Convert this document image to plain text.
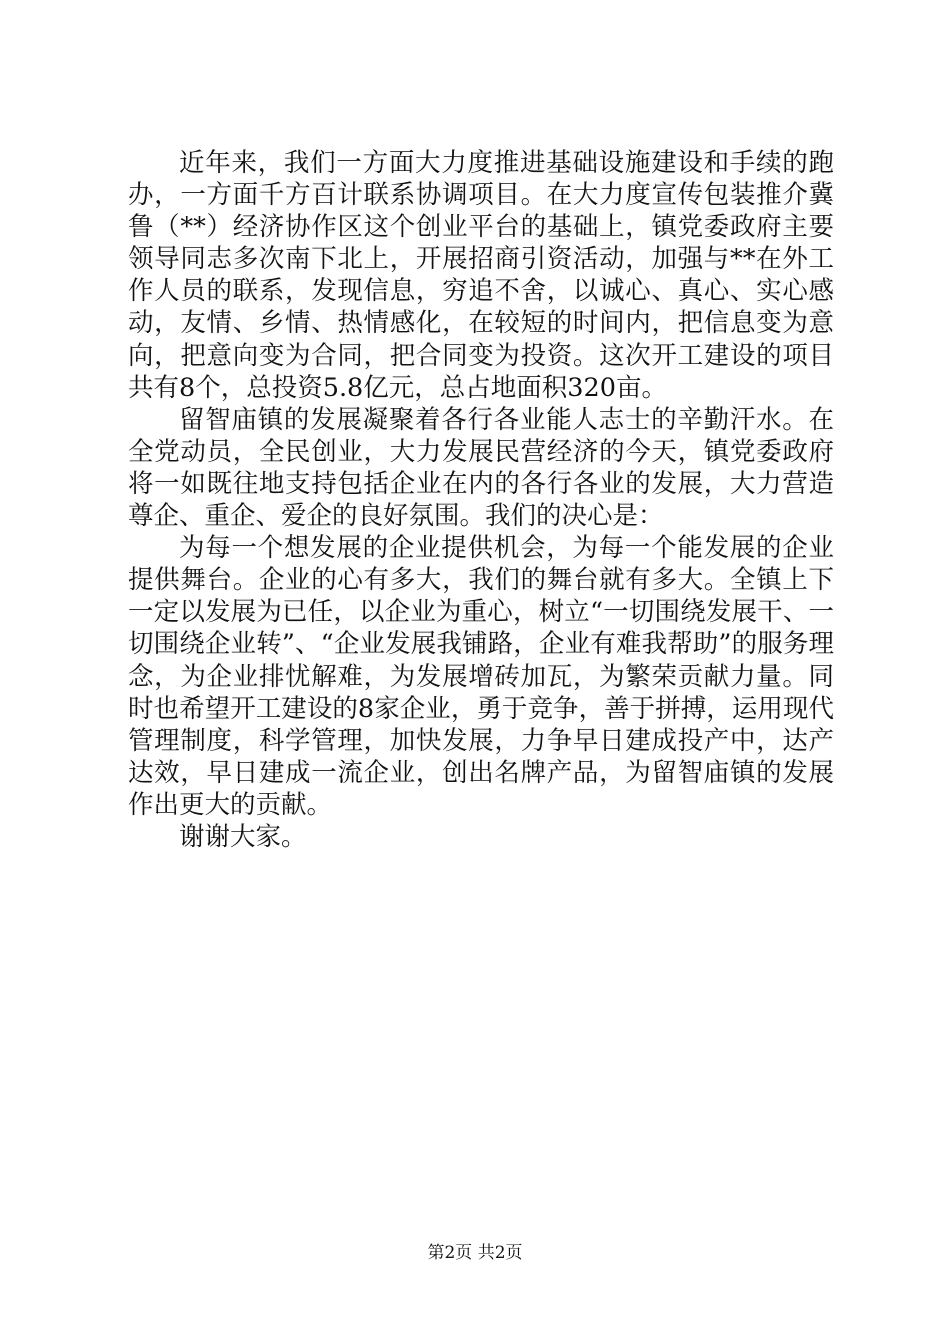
近年来，我们一方面大力度推进基础设施建设和手续的跑办，一方面千方百计联系协调项目。在大力度宣传包装推介冀鲁（**）经济协作区这个创业平台的基础上，镇党委政府主要领导同志多次南下北上，开展招商引资活动，加强与**在外工作人员的联系，发现信息，穷追不舍，以诚心、真心、实心感动，友情、乡情、热情感化，在较短的时间内，把信息变为意向，把意向变为合同，把合同变为投资。这次开工建设的项目共有8个，总投资5.8亿元，总占地面积320亩。

留智庙镇的发展凝聚着各行各业能人志士的辛勤汗水。在全党动员，全民创业，大力发展民营经济的今天，镇党委政府将一如既往地支持包括企业在内的各行各业的发展，大力营造尊企、重企、爱企的良好氛围。我们的决心是：

为每一个想发展的企业提供机会，为每一个能发展的企业提供舞台。企业的心有多大，我们的舞台就有多大。全镇上下一定以发展为已任，以企业为重心，树立“一切围绕发展干、一切围绕企业转”、“企业发展我铺路，企业有难我帮助”的服务理念，为企业排忧解难，为发展增砖加瓦，为繁荣贡献力量。同时也希望开工建设的8家企业，勇于竞争，善于拼搏，运用现代管理制度，科学管理，加快发展，力争早日建成投产中，达产达效，早日建成一流企业，创出名牌产品，为留智庙镇的发展作出更大的贡献。

谢谢大家。

第2页 共2页
